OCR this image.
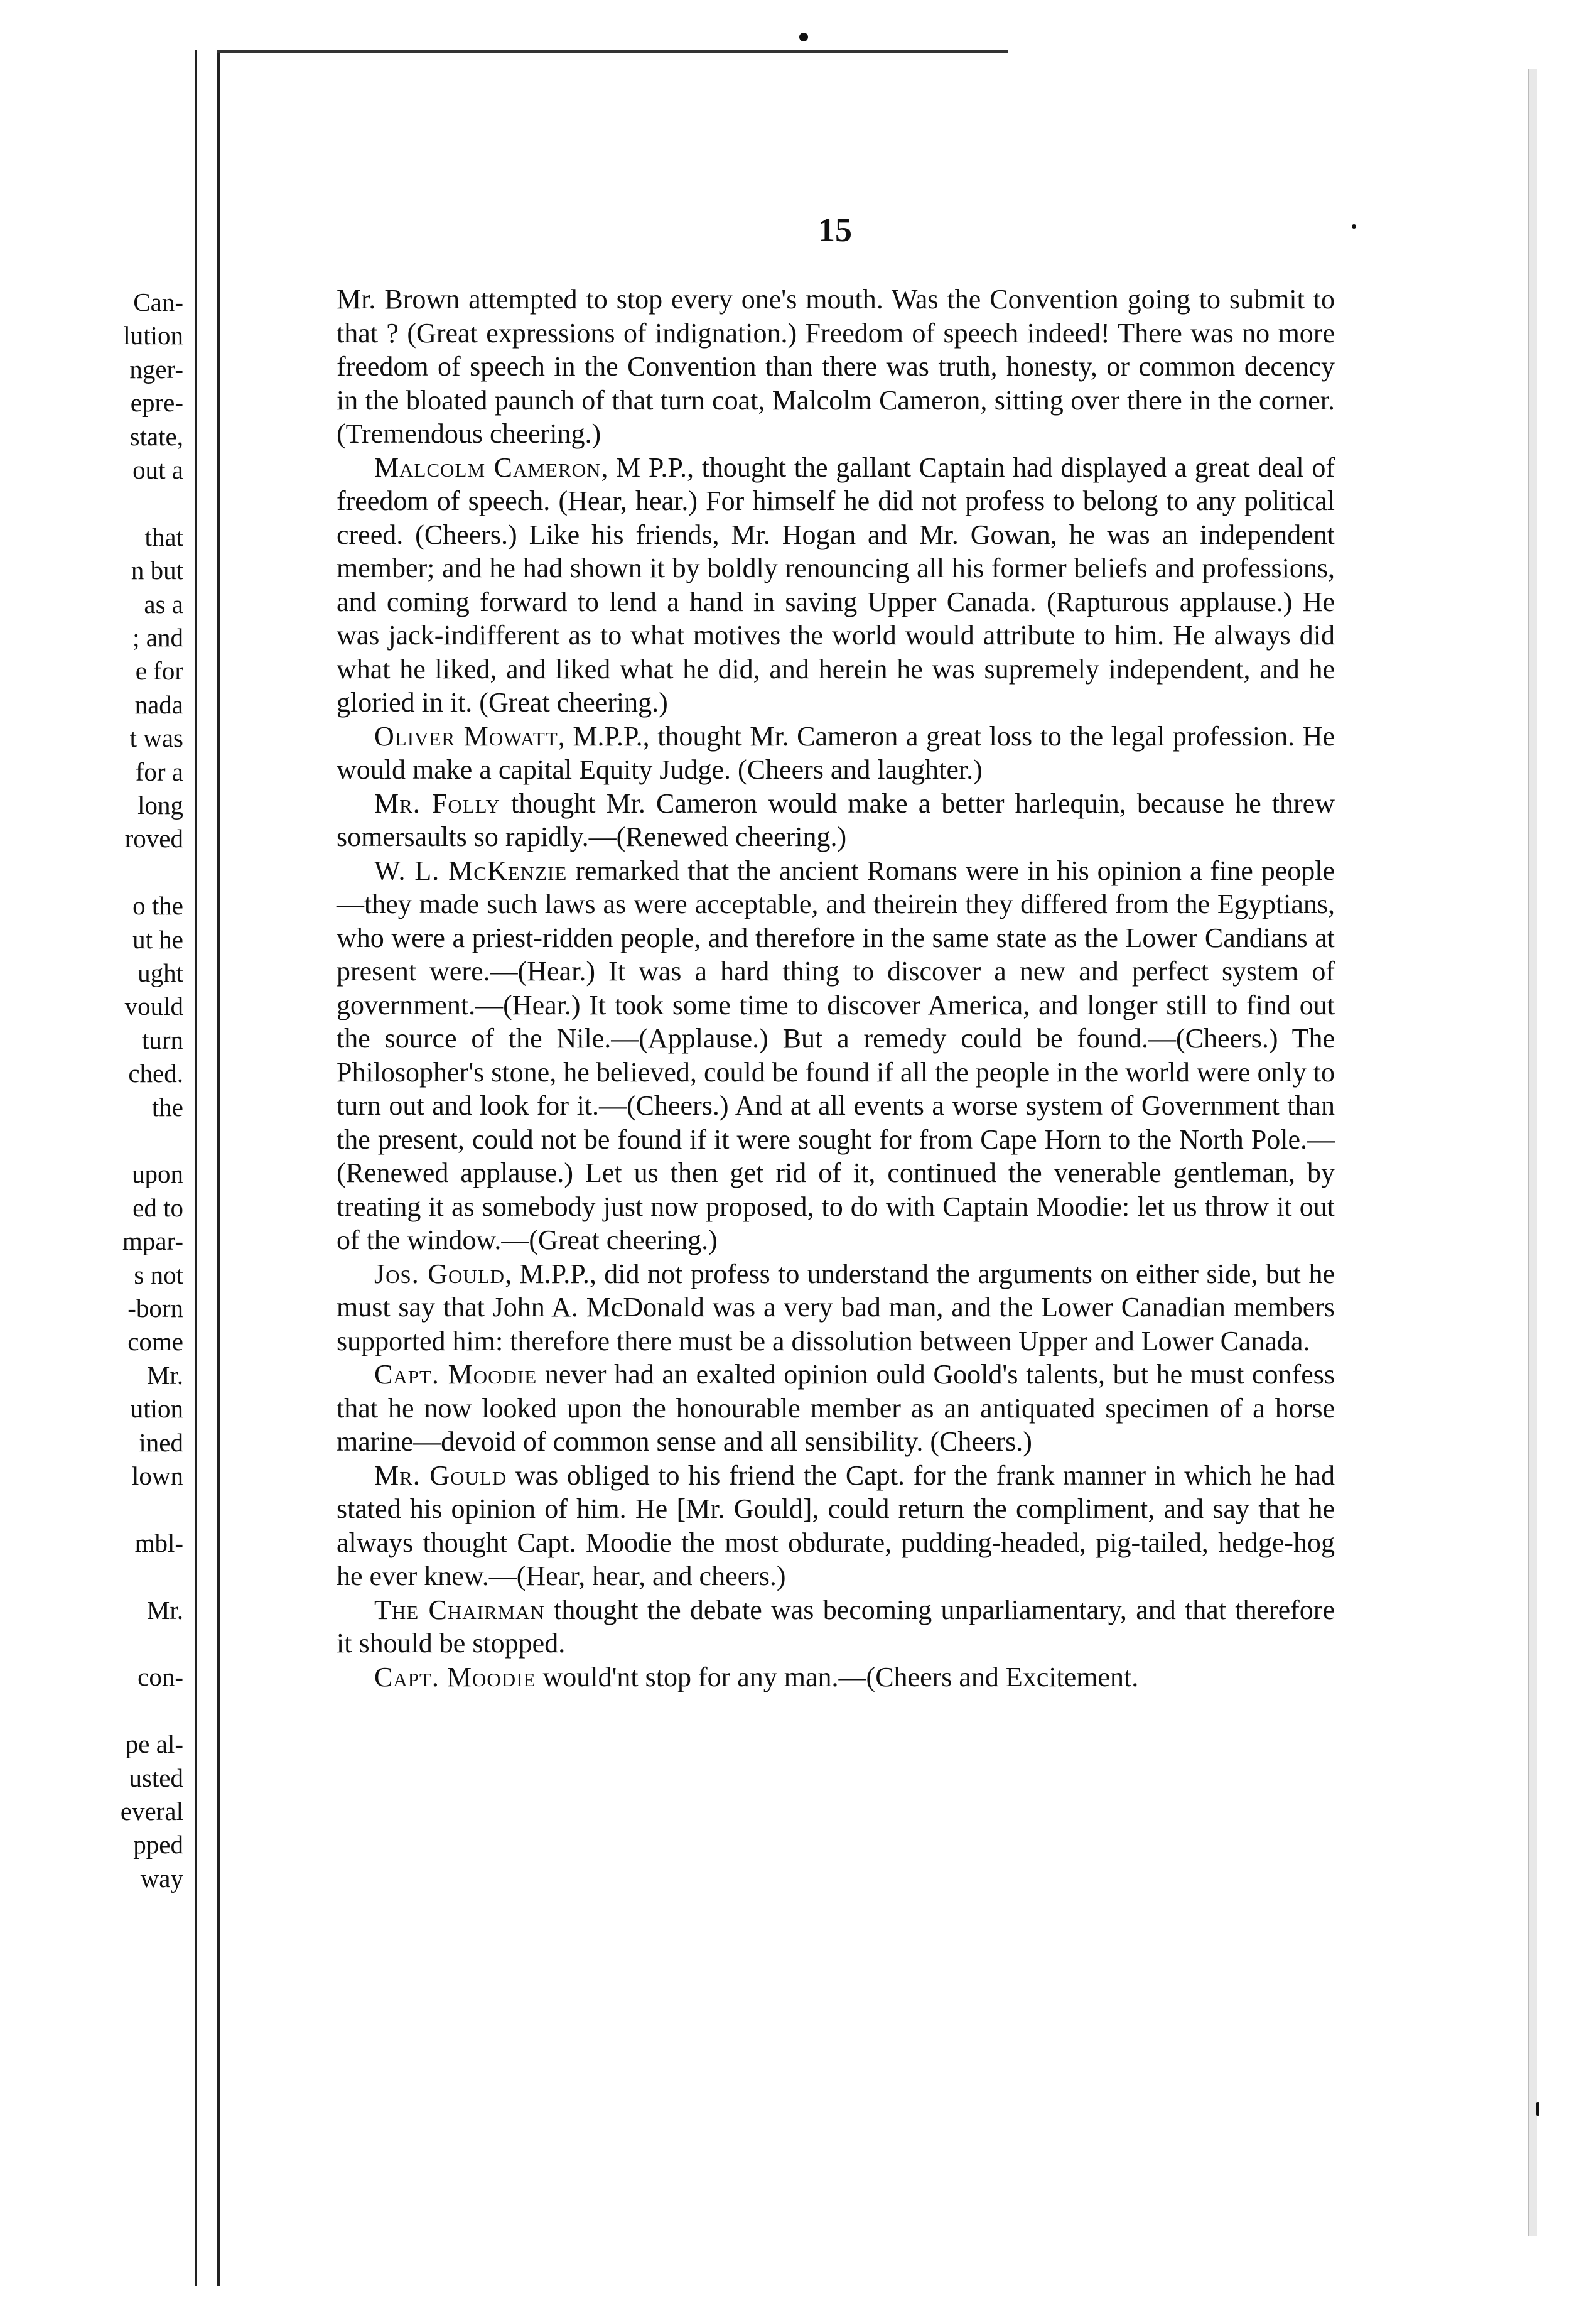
Can-
lution
nger-
epre-
state,
out a
that
n but
as a
; and
e for
nada
t was
for a
long
roved
o the
ut he
ught
vould
turn
ched.
the
upon
ed to
mpar-
s not
-born
come
Mr.
ution
ined
lown
mbl-
Mr.
con-
pe al-
usted
everal
pped
way
15

Mr. Brown attempted to stop every one's mouth. Was the Convention going to submit to that ? (Great expressions of indignation.) Freedom of speech indeed! There was no more freedom of speech in the Convention than there was truth, honesty, or common decency in the bloated paunch of that turn coat, Malcolm Cameron, sitting over there in the corner. (Tremendous cheering.)

Malcolm Cameron, M P.P., thought the gallant Captain had displayed a great deal of freedom of speech. (Hear, hear.) For himself he did not profess to belong to any political creed. (Cheers.) Like his friends, Mr. Hogan and Mr. Gowan, he was an independent member; and he had shown it by boldly renouncing all his former beliefs and professions, and coming forward to lend a hand in saving Upper Canada. (Rapturous applause.) He was jack-indifferent as to what motives the world would attribute to him. He always did what he liked, and liked what he did, and herein he was supremely independent, and he gloried in it. (Great cheering.)

Oliver Mowatt, M.P.P., thought Mr. Cameron a great loss to the legal profession. He would make a capital Equity Judge. (Cheers and laughter.)

Mr. Folly thought Mr. Cameron would make a better harlequin, because he threw somersaults so rapidly.—(Renewed cheering.)

W. L. McKenzie remarked that the ancient Romans were in his opinion a fine people—they made such laws as were acceptable, and theirein they differed from the Egyptians, who were a priest-ridden people, and therefore in the same state as the Lower Candians at present were.—(Hear.) It was a hard thing to discover a new and perfect system of government.—(Hear.) It took some time to discover America, and longer still to find out the source of the Nile.—(Applause.) But a remedy could be found.—(Cheers.) The Philosopher's stone, he believed, could be found if all the people in the world were only to turn out and look for it.—(Cheers.) And at all events a worse system of Government than the present, could not be found if it were sought for from Cape Horn to the North Pole.—(Renewed applause.) Let us then get rid of it, continued the venerable gentleman, by treating it as somebody just now proposed, to do with Captain Moodie: let us throw it out of the window.—(Great cheering.)

Jos. Gould, M.P.P., did not profess to understand the arguments on either side, but he must say that John A. McDonald was a very bad man, and the Lower Canadian members supported him: therefore there must be a dissolution between Upper and Lower Canada.

Capt. Moodie never had an exalted opinion ould Goold's talents, but he must confess that he now looked upon the honourable member as an antiquated specimen of a horse marine—devoid of common sense and all sensibility. (Cheers.)

Mr. Gould was obliged to his friend the Capt. for the frank manner in which he had stated his opinion of him. He [Mr. Gould], could return the compliment, and say that he always thought Capt. Moodie the most obdurate, pudding-headed, pig-tailed, hedge-hog he ever knew.—(Hear, hear, and cheers.)

The Chairman thought the debate was becoming unparliamentary, and that therefore it should be stopped.

Capt. Moodie would'nt stop for any man.—(Cheers and Excitement.
